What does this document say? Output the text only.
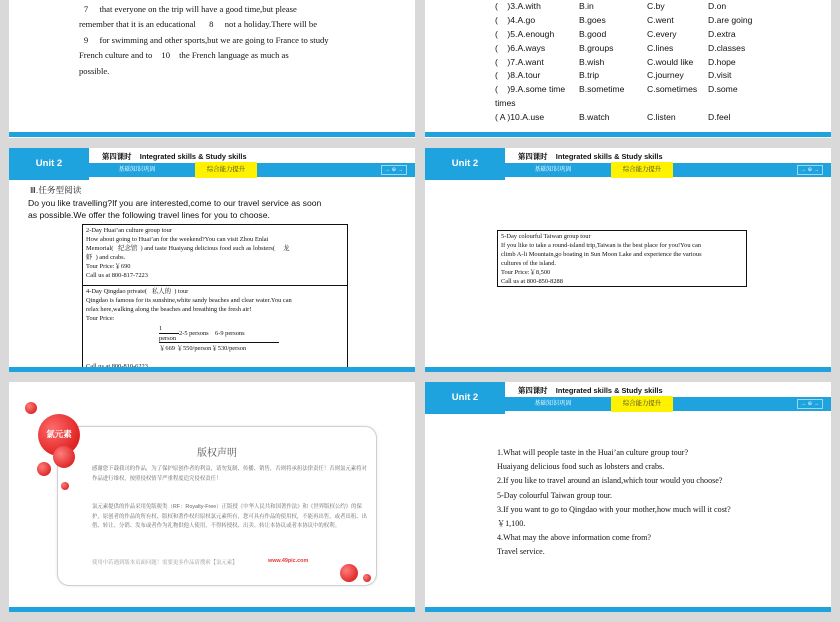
7 that everyone on the trip will have a good time,but please
remember that it is an educational 8 not a holiday.There will be
9 for swimming and other sports,but we are going to France to study
French culture and to 10 the French language as much as
possible.
(    )3.A.with	B.in	C.by	D.on
(    )4.A.go	B.goes	C.went	D.are going
(    )5.A.enough	B.good	C.every	D.extra
(    )6.A.ways	B.groups	C.lines	D.classes
(    )7.A.want	B.wish	C.would like	D.hope
(    )8.A.tour	B.trip	C.journey	D.visit
(    )9.A.some time	B.sometime	C.sometimes	D.some
times			
( A )10.A.use	B.watch	C.listen	D.feel
Unit 2
第四课时    Integrated skills & Study skills
基础知识巩固	综合能力提升	→ ⊕ →
Ⅲ.任务型阅读
Do you like travelling?If you are interested,come to our travel service as soon as possible.We offer the following travel lines for you to choose.
2-Day Huai’an culture group tour
How about going to Huai’an for the weekend?You can visit Zhou Enlai
Memorial(   纪念馆  ) and taste Huaiyang delicious food such as lobsters(     龙
虾  ) and crabs.
Tour Price:￥690
Call us at 800-817-7223
4-Day Qingdao private(   私人的  ) tour
Qingdao is famous for its sunshine,white sandy beaches and clear water.You can
relax here,walking along the beaches and breathing the fresh air!
Tour Price:
1
person
2-5 persons    6-9 persons
￥669 ￥550/person￥530/person
Unit 2
第四课时    Integrated skills & Study skills
基础知识巩固	综合能力提升	→ ⊕ →
5-Day colourful Taiwan group tour
If you like to take a round-island trip,Taiwan is the best place for you!You can
climb A-li Mountain,go boating in Sun Moon Lake and experience the various
cultures of the island.
Tour Price:￥8,500
Call us at 800-850-8288
版权声明
感谢您下载我司的作品，为了保护原创作者的利益，请勿复制、传播、销售，否则将承担法律责任！否则氯元素将对作品进行维权，按照侵权情节严重程度追究侵权责任！
氯元素提供的作品采用免版税类（RF：Royalty-Free）正版授《中华人民共和国著作法》和《世界版权公约》的保护，原创者的作品的所有权、版权和著作权归原权氯元素所有，您可具有作品的使用权，不能再出售，或者出租、出借、转让、分销、发布或者作为礼物供他人使用，不得转授权、出卖、转让本协议或者本协议中的权利。
使用中若遇到版本页面问题！需要更多作品请搜索【氯元素】	www.49pic.com
氯元素
Unit 2
第四课时    Integrated skills & Study skills
基础知识巩固	综合能力提升	→ ⊕ →
1.What will people taste in the Huai’an culture group tour?
Huaiyang delicious food such as lobsters and crabs.
2.If you like to travel around an island,which tour would you choose?
5-Day colourful Taiwan group tour.
3.If you want to go to Qingdao with your mother,how much will it cost?
￥1,100.
4.What may the above information come from?
Travel service.
